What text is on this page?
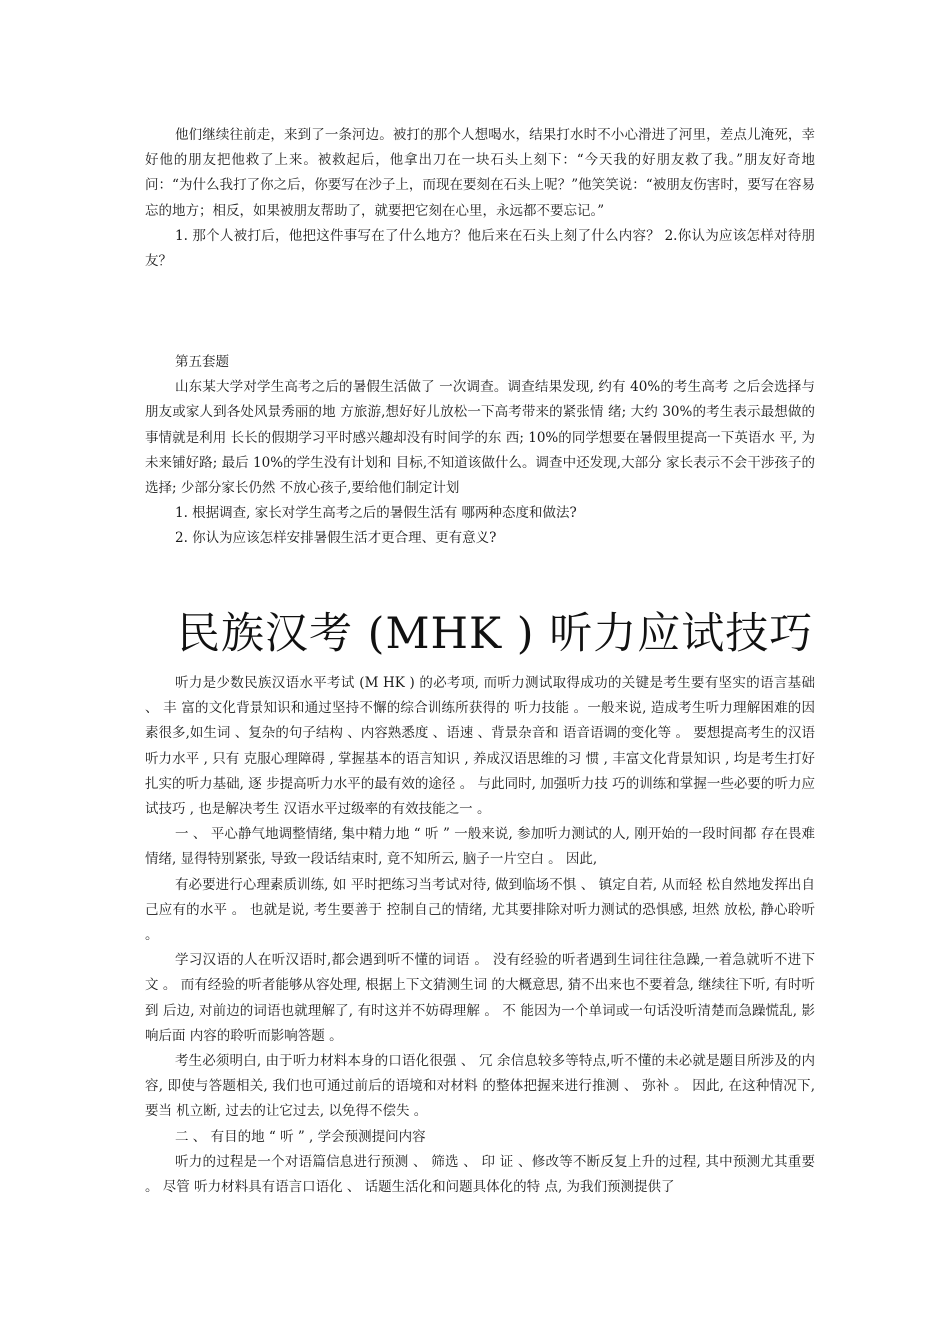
他们继续往前走，来到了一条河边。被打的那个人想喝水，结果打水时不小心滑进了河里，差点儿淹死，幸好他的朋友把他救了上来。被救起后，他拿出刀在一块石头上刻下：“今天我的好朋友救了我。”朋友好奇地问：“为什么我打了你之后，你要写在沙子上，而现在要刻在石头上呢？”他笑笑说：“被朋友伤害时，要写在容易忘的地方；相反，如果被朋友帮助了，就要把它刻在心里，永远都不要忘记。”

1. 那个人被打后，他把这件事写在了什么地方？他后来在石头上刻了什么内容？ 2.你认为应该怎样对待朋友？

第五套题

山东某大学对学生高考之后的暑假生活做了 一次调查。调查结果发现, 约有 40%的考生高考 之后会选择与朋友或家人到各处风景秀丽的地 方旅游,想好好儿放松一下高考带来的紧张情 绪; 大约 30%的考生表示最想做的事情就是利用 长长的假期学习平时感兴趣却没有时间学的东 西; 10%的同学想要在暑假里提高一下英语水 平, 为未来铺好路; 最后 10%的学生没有计划和 目标,不知道该做什么。调查中还发现,大部分 家长表示不会干涉孩子的选择; 少部分家长仍然 不放心孩子,要给他们制定计划

1. 根据调查, 家长对学生高考之后的暑假生活有 哪两种态度和做法?

2. 你认为应该怎样安排暑假生活才更合理、更有意义?

民族汉考 (MHK ) 听力应试技巧

听力是少数民族汉语水平考试 (M HK ) 的必考项, 而听力测试取得成功的关键是考生要有坚实的语言基础 、 丰 富的文化背景知识和通过坚持不懈的综合训练所获得的 听力技能 。一般来说, 造成考生听力理解困难的因素很多,如生词 、复杂的句子结构 、内容熟悉度 、语速 、背景杂音和 语音语调的变化等 。 要想提高考生的汉语听力水平 , 只有 克服心理障碍 , 掌握基本的语言知识 , 养成汉语思维的习 惯 , 丰富文化背景知识 , 均是考生打好扎实的听力基础, 逐 步提高听力水平的最有效的途径 。 与此同时, 加强听力技 巧的训练和掌握一些必要的听力应试技巧 , 也是解决考生 汉语水平过级率的有效技能之一 。

一 、 平心静气地调整情绪, 集中精力地 “ 听 ” 一般来说, 参加听力测试的人, 刚开始的一段时间都 存在畏难情绪, 显得特别紧张, 导致一段话结束时, 竟不知所云, 脑子一片空白 。 因此,

有必要进行心理素质训练, 如 平时把练习当考试对待, 做到临场不惧 、 镇定自若, 从而轻 松自然地发挥出自己应有的水平 。 也就是说, 考生要善于 控制自己的情绪, 尤其要排除对听力测试的恐惧感, 坦然 放松, 静心聆听 。

学习汉语的人在听汉语时,都会遇到听不懂的词语 。 没有经验的听者遇到生词往往急躁,一着急就听不进下 文 。 而有经验的听者能够从容处理, 根据上下文猜测生词 的大概意思, 猜不出来也不要着急, 继续往下听, 有时听到 后边, 对前边的词语也就理解了, 有时这并不妨碍理解 。 不 能因为一个单词或一句话没听清楚而急躁慌乱, 影响后面 内容的聆听而影响答题 。

考生必须明白, 由于听力材料本身的口语化很强 、 冗 余信息较多等特点,听不懂的未必就是题目所涉及的内 容, 即使与答题相关, 我们也可通过前后的语境和对材料 的整体把握来进行推测 、 弥补 。 因此, 在这种情况下, 要当 机立断, 过去的让它过去, 以免得不偿失 。

二 、 有目的地 “ 听 ” , 学会预测提问内容

听力的过程是一个对语篇信息进行预测 、 筛选 、 印 证 、修改等不断反复上升的过程, 其中预测尤其重要 。 尽管 听力材料具有语言口语化 、 话题生活化和问题具体化的特 点, 为我们预测提供了
